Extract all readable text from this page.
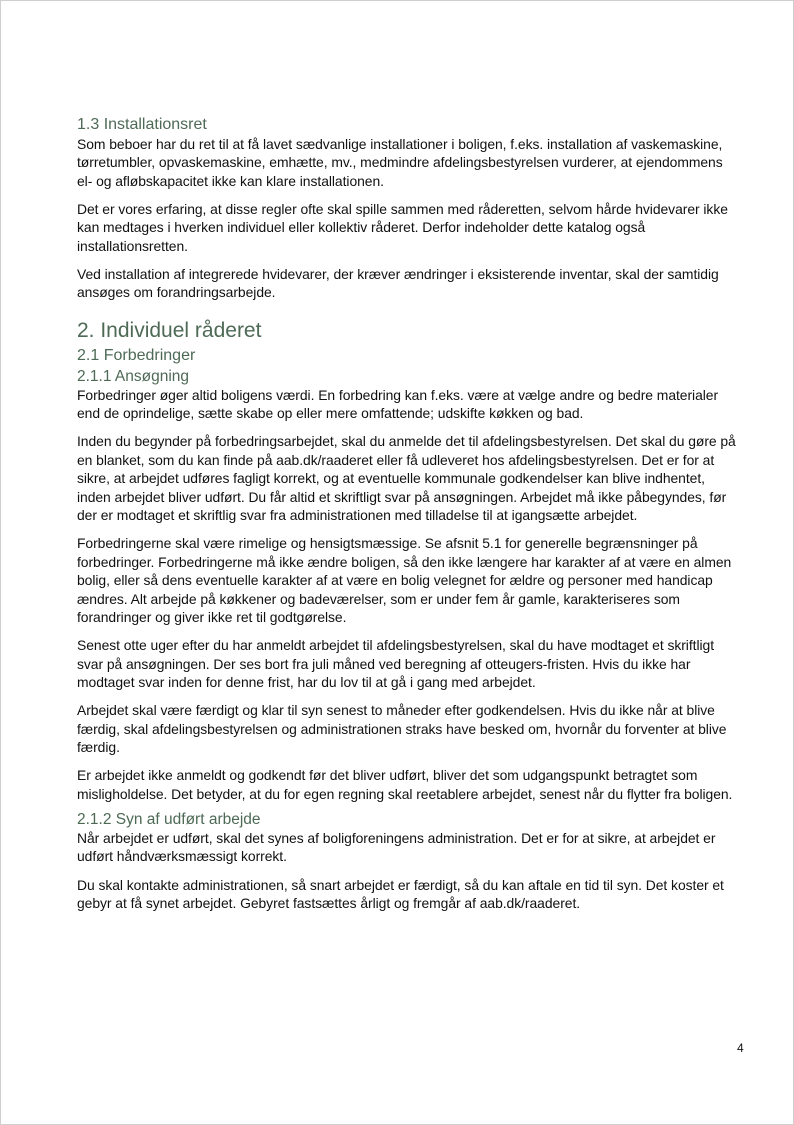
1.3 Installationsret

Som beboer har du ret til at få lavet sædvanlige installationer i boligen, f.eks. installation af vaskemaskine, tørretumbler, opvaskemaskine, emhætte, mv., medmindre afdelingsbestyrelsen vurderer, at ejendommens el- og afløbskapacitet ikke kan klare installationen.

Det er vores erfaring, at disse regler ofte skal spille sammen med råderetten, selvom hårde hvidevarer ikke kan medtages i hverken individuel eller kollektiv råderet. Derfor indeholder dette katalog også installationsretten.

Ved installation af integrerede hvidevarer, der kræver ændringer i eksisterende inventar, skal der samtidig ansøges om forandringsarbejde.

2. Individuel råderet
2.1 Forbedringer
2.1.1 Ansøgning

Forbedringer øger altid boligens værdi. En forbedring kan f.eks. være at vælge andre og bedre materialer end de oprindelige, sætte skabe op eller mere omfattende; udskifte køkken og bad.

Inden du begynder på forbedringsarbejdet, skal du anmelde det til afdelingsbestyrelsen. Det skal du gøre på en blanket, som du kan finde på aab.dk/raaderet eller få udleveret hos afdelingsbestyrelsen. Det er for at sikre, at arbejdet udføres fagligt korrekt, og at eventuelle kommunale godkendelser kan blive indhentet, inden arbejdet bliver udført. Du får altid et skriftligt svar på ansøgningen. Arbejdet må ikke påbegyndes, før der er modtaget et skriftlig svar fra administrationen med tilladelse til at igangsætte arbejdet.

Forbedringerne skal være rimelige og hensigtsmæssige. Se afsnit 5.1 for generelle begrænsninger på forbedringer. Forbedringerne må ikke ændre boligen, så den ikke længere har karakter af at være en almen bolig, eller så dens eventuelle karakter af at være en bolig velegnet for ældre og personer med handicap ændres. Alt arbejde på køkkener og badeværelser, som er under fem år gamle, karakteriseres som forandringer og giver ikke ret til godtgørelse.

Senest otte uger efter du har anmeldt arbejdet til afdelingsbestyrelsen, skal du have modtaget et skriftligt svar på ansøgningen. Der ses bort fra juli måned ved beregning af otteugers-fristen. Hvis du ikke har modtaget svar inden for denne frist, har du lov til at gå i gang med arbejdet.

Arbejdet skal være færdigt og klar til syn senest to måneder efter godkendelsen. Hvis du ikke når at blive færdig, skal afdelingsbestyrelsen og administrationen straks have besked om, hvornår du forventer at blive færdig.

Er arbejdet ikke anmeldt og godkendt før det bliver udført, bliver det som udgangspunkt betragtet som misligholdelse. Det betyder, at du for egen regning skal reetablere arbejdet, senest når du flytter fra boligen.

2.1.2 Syn af udført arbejde

Når arbejdet er udført, skal det synes af boligforeningens administration. Det er for at sikre, at arbejdet er udført håndværksmæssigt korrekt.

Du skal kontakte administrationen, så snart arbejdet er færdigt, så du kan aftale en tid til syn. Det koster et gebyr at få synet arbejdet. Gebyret fastsættes årligt og fremgår af aab.dk/raaderet.

4
